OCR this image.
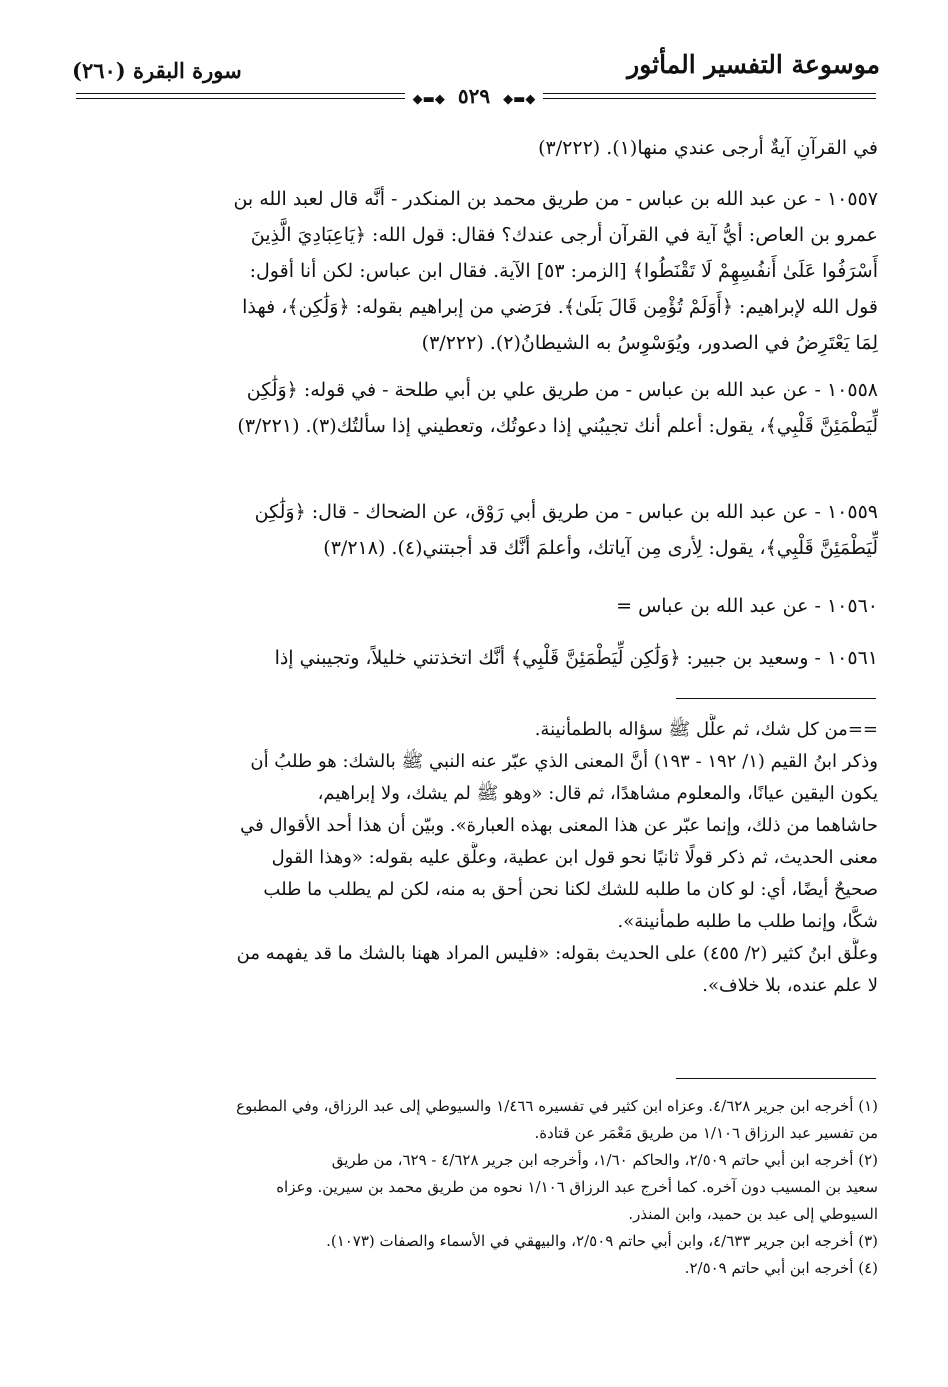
موسوعة التفسير المأثور
سورة البقرة (٢٦٠)
◆▬◆ ٥٢٩ ◆▬◆
في القرآنِ آيةٌ أرجى عندي منها(١). (٣/٢٢٢)
١٠٥٥٧ - عن عبد الله بن عباس - من طريق محمد بن المنكدر - أنَّه قال لعبد الله بن
عمرو بن العاص: أيُّ آية في القرآن أرجى عندك؟ فقال: قول الله: ﴿يَاعِبَادِيَ الَّذِينَ
أَسْرَفُوا عَلَىٰ أَنفُسِهِمْ لَا تَقْنَطُوا﴾ [الزمر: ٥٣] الآية. فقال ابن عباس: لكن أنا أقول:
قول الله لإبراهيم: ﴿أَوَلَمْ تُؤْمِن قَالَ بَلَىٰ﴾. فرَضي من إبراهيم بقوله: ﴿وَلَٰكِن﴾، فهذا
لِمَا يَعْتَرِضُ في الصدور، ويُوَسْوِسُ به الشيطانُ(٢). (٣/٢٢٢)
١٠٥٥٨ - عن عبد الله بن عباس - من طريق علي بن أبي طلحة - في قوله: ﴿وَلَٰكِن
لِّيَطْمَئِنَّ قَلْبِي﴾، يقول: أعلم أنك تجيبُني إذا دعوتُك، وتعطيني إذا سألتُك(٣). (٣/٢٢١)
١٠٥٥٩ - عن عبد الله بن عباس - من طريق أبي رَوْق، عن الضحاك - قال: ﴿وَلَٰكِن
لِّيَطْمَئِنَّ قَلْبِي﴾، يقول: لِأرى مِن آياتك، وأعلمَ أنَّك قد أجبتني(٤). (٣/٢١٨)
١٠٥٦٠ - عن عبد الله بن عباس =
١٠٥٦١ - وسعيد بن جبير: ﴿وَلَٰكِن لِّيَطْمَئِنَّ قَلْبِي﴾ أنَّك اتخذتني خليلاً، وتجيبني إذا
==من كل شك، ثم علَّل ﷺ سؤاله بالطمأنينة.
وذكر ابنُ القيم (١/ ١٩٢ - ١٩٣) أنَّ المعنى الذي عبّر عنه النبي ﷺ بالشك: هو طلبُ أن
يكون اليقين عيانًا، والمعلوم مشاهدًا، ثم قال: «وهو ﷺ لم يشك، ولا إبراهيم،
حاشاهما من ذلك، وإنما عبّر عن هذا المعنى بهذه العبارة». وبيّن أن هذا أحد الأقوال في
معنى الحديث، ثم ذكر قولًا ثانيًا نحو قول ابن عطية، وعلَّق عليه بقوله: «وهذا القول
صحيحٌ أيضًا، أي: لو كان ما طلبه للشك لكنا نحن أحق به منه، لكن لم يطلب ما طلب
شكًّا، وإنما طلب ما طلبه طمأنينة».
وعلَّق ابنُ كثير (٢/ ٤٥٥) على الحديث بقوله: «فليس المراد ههنا بالشك ما قد يفهمه من
لا علم عنده، بلا خلاف».
(١) أخرجه ابن جرير ٤/٦٢٨. وعزاه ابن كثير في تفسيره ١/٤٦٦ والسيوطي إلى عبد الرزاق، وفي المطبوع
من تفسير عبد الرزاق ١/١٠٦ من طريق مَعْمَر عن قتادة.
(٢) أخرجه ابن أبي حاتم ٢/٥٠٩، والحاكم ١/٦٠، وأخرجه ابن جرير ٤/٦٢٨ - ٦٢٩، من طريق
سعيد بن المسيب دون آخره. كما أخرج عبد الرزاق ١/١٠٦ نحوه من طريق محمد بن سيرين. وعزاه
السيوطي إلى عبد بن حميد، وابن المنذر.
(٣) أخرجه ابن جرير ٤/٦٣٣، وابن أبي حاتم ٢/٥٠٩، والبيهقي في الأسماء والصفات (١٠٧٣).
(٤) أخرجه ابن أبي حاتم ٢/٥٠٩.
